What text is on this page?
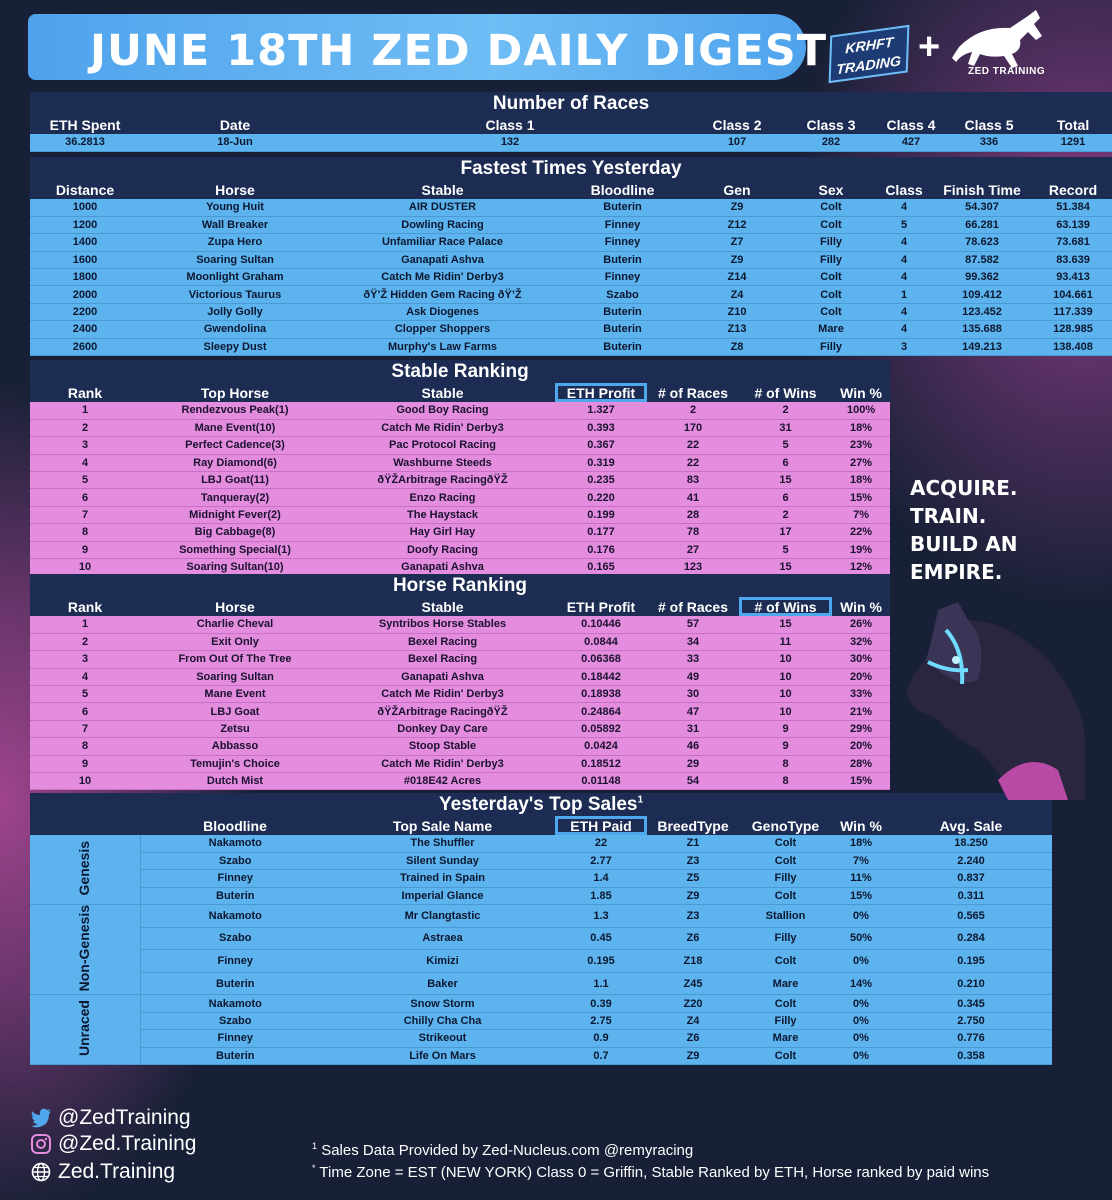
JUNE 18TH ZED DAILY DIGEST	KRHFT TRADING +
ZED TRAINING
Number of Races							
ETH Spent	Date	Class 1	Class 2	Class 3	Class 4	Class 5	Total
36.2813	18-Jun	132	107	282	427	336	1291
Fastest Times Yesterday								
Distance	Horse	Stable	Bloodline	Gen	Sex	Class	Finish Time	Record
1000	Young Huit	AIR DUSTER	Buterin	Z9	Colt	4	54.307	51.384
1200	Wall Breaker	Dowling Racing	Finney	Z12	Colt	5	66.281	63.139
1400	Zupa Hero	Unfamiliar Race Palace	Finney	Z7	Filly	4	78.623	73.681
1600	Soaring Sultan	Ganapati Ashva	Buterin	Z9	Filly	4	87.582	83.639
1800	Moonlight Graham	Catch Me Ridin' Derby3	Finney	Z14	Colt	4	99.362	93.413
2000	Victorious Taurus	ðŸ’Ž Hidden Gem Racing ðŸ’Ž	Szabo	Z4	Colt	1	109.412	104.661
2200	Jolly Golly	Ask Diogenes	Buterin	Z10	Colt	4	123.452	117.339
2400	Gwendolina	Clopper Shoppers	Buterin	Z13	Mare	4	135.688	128.985
2600	Sleepy Dust	Murphy's Law Farms	Buterin	Z8	Filly	3	149.213	138.408
Stable Ranking						
Rank	Top Horse	Stable	ETH Profit	# of Races	# of Wins	Win %
1	Rendezvous Peak(1)	Good Boy Racing	1.327	2	2	100%
2	Mane Event(10)	Catch Me Ridin' Derby3	0.393	170	31	18%
3	Perfect Cadence(3)	Pac Protocol Racing	0.367	22	5	23%
4	Ray Diamond(6)	Washburne Steeds	0.319	22	6	27%
5	LBJ Goat(11)	ðŸŽArbitrage RacingðŸŽ	0.235	83	15	18%
6	Tanqueray(2)	Enzo Racing	0.220	41	6	15%
7	Midnight Fever(2)	The Haystack	0.199	28	2	7%
8	Big Cabbage(8)	Hay Girl Hay	0.177	78	17	22%
9	Something Special(1)	Doofy Racing	0.176	27	5	19%
10	Soaring Sultan(10)	Ganapati Ashva	0.165	123	15	12%
Horse Ranking						
Rank	Horse	Stable	ETH Profit	# of Races	# of Wins	Win %
1	Charlie Cheval	Syntribos Horse Stables	0.10446	57	15	26%
2	Exit Only	Bexel Racing	0.0844	34	11	32%
3	From Out Of The Tree	Bexel Racing	0.06368	33	10	30%
4	Soaring Sultan	Ganapati Ashva	0.18442	49	10	20%
5	Mane Event	Catch Me Ridin' Derby3	0.18938	30	10	33%
6	LBJ Goat	ðŸŽArbitrage RacingðŸŽ	0.24864	47	10	21%
7	Zetsu	Donkey Day Care	0.05892	31	9	29%
8	Abbasso	Stoop Stable	0.0424	46	9	20%
9	Temujin's Choice	Catch Me Ridin' Derby3	0.18512	29	8	28%
10	Dutch Mist	#018E42 Acres	0.01148	54	8	15%
Yesterday's Top Sales$^1$
	Bloodline	Top Sale Name	ETH Paid	BreedType	GenoType	Win %	Avg. Sale
Genesis	Nakamoto	The Shuffler	22	Z1	Colt	18%	18.250
	Szabo	Silent Sunday	2.77	Z3	Colt	7%	2.240
	Finney	Trained in Spain	1.4	Z5	Filly	11%	0.837
	Buterin	Imperial Glance	1.85	Z9	Colt	15%	0.311
Non-Genesis	Nakamoto	Mr Clangtastic	1.3	Z3	Stallion	0%	0.565
	Szabo	Astraea	0.45	Z6	Filly	50%	0.284
	Finney	Kimizi	0.195	Z18	Colt	0%	0.195
	Buterin	Baker	1.1	Z45	Mare	14%	0.210
Unraced	Nakamoto	Snow Storm	0.39	Z20	Colt	0%	0.345
	Szabo	Chilly Cha Cha	2.75	Z4	Filly	0%	2.750
	Finney	Strikeout	0.9	Z6	Mare	0%	0.776
	Buterin	Life On Mars	0.7	Z9	Colt	0%	0.358
ACQUIRE.
TRAIN.
BUILD AN EMPIRE.
@ZedTraining
@Zed.Training
Zed.Training
$^1$ Sales Data Provided by Zed-Nucleus.com @remyracing
* Time Zone = EST (NEW YORK) Class 0 = Griffin, Stable Ranked by ETH, Horse ranked by paid wins
